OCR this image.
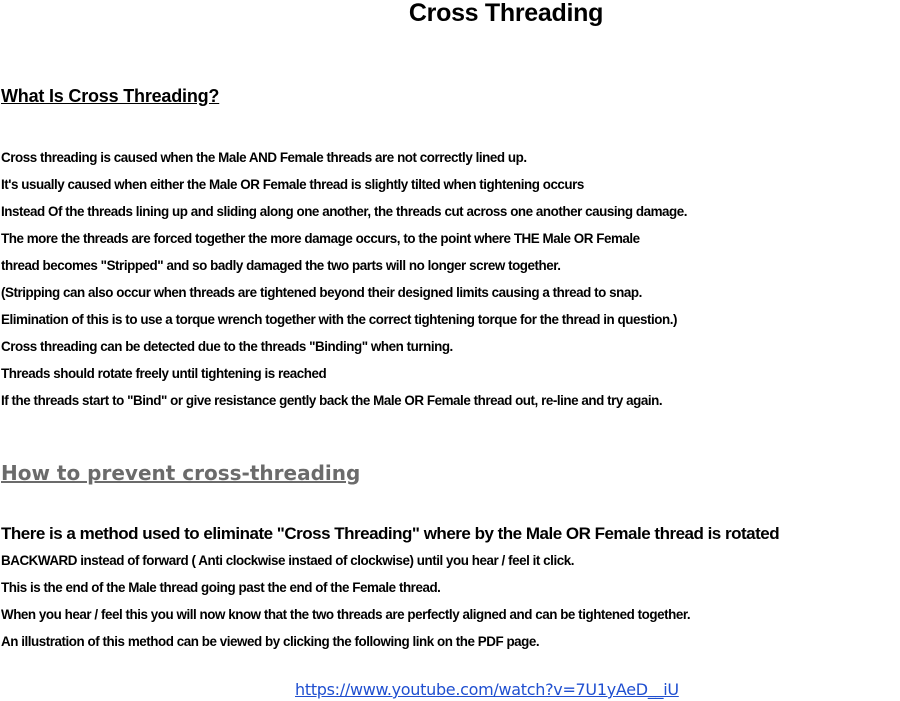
Cross Threading
What Is Cross Threading?
Cross threading is caused when the Male AND Female threads are not correctly lined up.
It's usually caused when either the Male OR Female thread is slightly tilted when tightening occurs
Instead Of the threads lining up and sliding along one another, the threads cut across one another causing damage.
The more the threads are forced together the more damage occurs, to the point where THE Male OR Female
thread becomes "Stripped" and so badly damaged the two parts will no longer screw together.
(Stripping can also occur when threads are tightened beyond their designed limits causing a thread to snap.
Elimination of this is to use a torque wrench together with the correct tightening torque for the thread in question.)
Cross threading can be detected due to the threads "Binding" when turning.
Threads should rotate freely until tightening is reached
If the threads start to "Bind" or give resistance gently back the Male OR Female thread out, re-line and try again.
How to prevent cross-threading
There is a method used to eliminate "Cross Threading" where by the Male OR Female thread is rotated
BACKWARD instead of forward ( Anti clockwise instaed of clockwise) until you hear / feel it click.
This is the end of the Male thread going past the end of the Female thread.
When you hear / feel this you will now know that the two threads are perfectly aligned and can be tightened together.
An illustration of this method can be viewed by clicking the following link on the PDF page.
https://www.youtube.com/watch?v=7U1yAeD__iU
